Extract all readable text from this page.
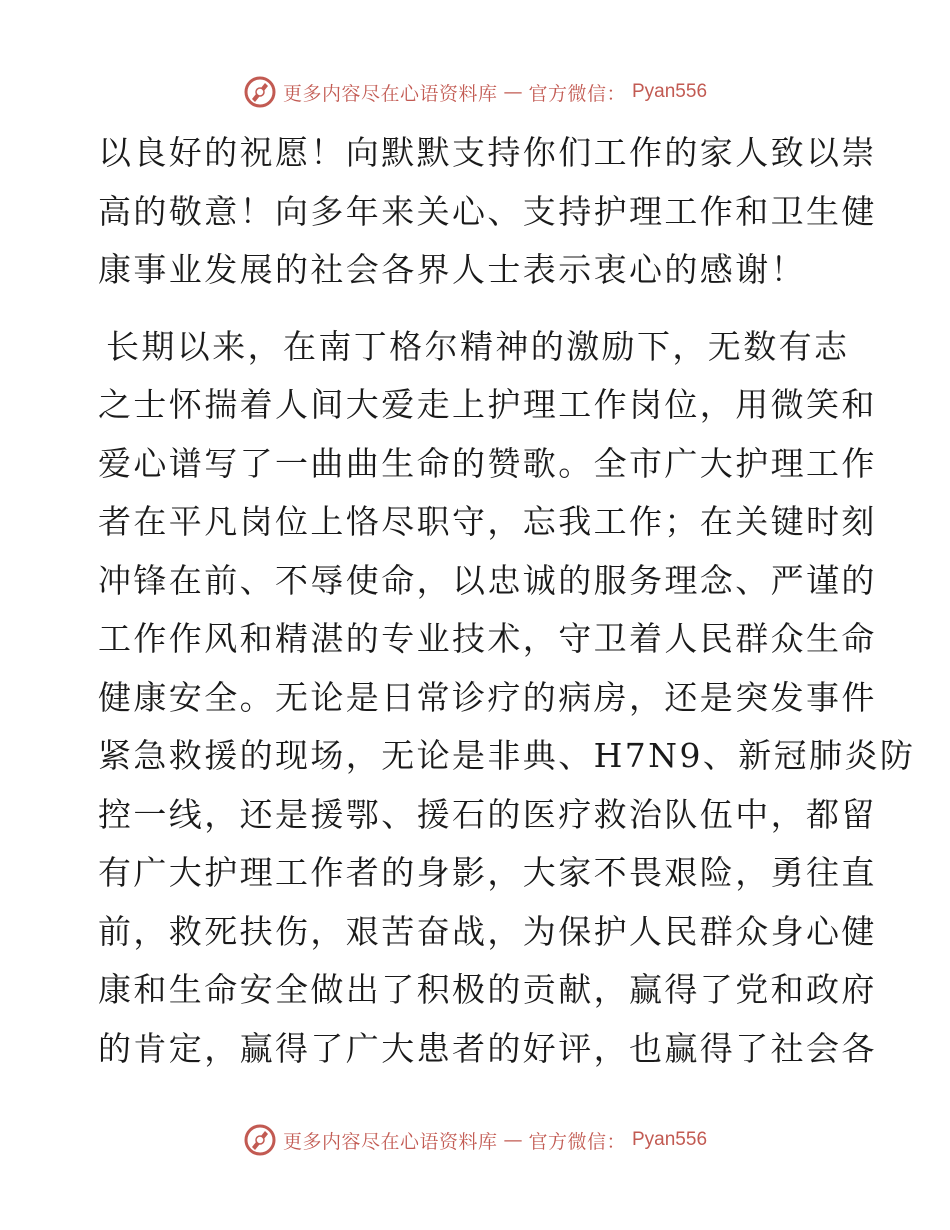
更多内容尽在心语资料库 — 官方微信： Pyan556
以良好的祝愿！向默默支持你们工作的家人致以崇
高的敬意！向多年来关心、支持护理工作和卫生健
康事业发展的社会各界人士表示衷心的感谢！
长期以来，在南丁格尔精神的激励下，无数有志
之士怀揣着人间大爱走上护理工作岗位，用微笑和
爱心谱写了一曲曲生命的赞歌。全市广大护理工作
者在平凡岗位上恪尽职守，忘我工作；在关键时刻
冲锋在前、不辱使命，以忠诚的服务理念、严谨的
工作作风和精湛的专业技术，守卫着人民群众生命
健康安全。无论是日常诊疗的病房，还是突发事件
紧急救援的现场，无论是非典、H7N9、新冠肺炎防
控一线，还是援鄂、援石的医疗救治队伍中，都留
有广大护理工作者的身影，大家不畏艰险，勇往直
前，救死扶伤，艰苦奋战，为保护人民群众身心健
康和生命安全做出了积极的贡献，赢得了党和政府
的肯定，赢得了广大患者的好评，也赢得了社会各
更多内容尽在心语资料库 — 官方微信： Pyan556
